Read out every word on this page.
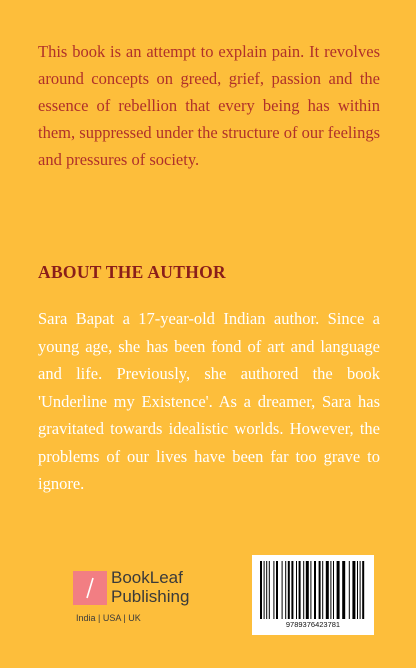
This book is an attempt to explain pain. It revolves around concepts on greed, grief, passion and the essence of rebellion that every being has within them, suppressed under the structure of our feelings and pressures of society.

ABOUT THE AUTHOR

Sara Bapat a 17-year-old Indian author. Since a young age, she has been fond of art and language and life. Previously, she authored the book 'Underline my Existence'. As a dreamer, Sara has gravitated towards idealistic worlds. However, the problems of our lives have been far too grave to ignore.

BookLeaf
Publishing
India | USA | UK
9789376423781
